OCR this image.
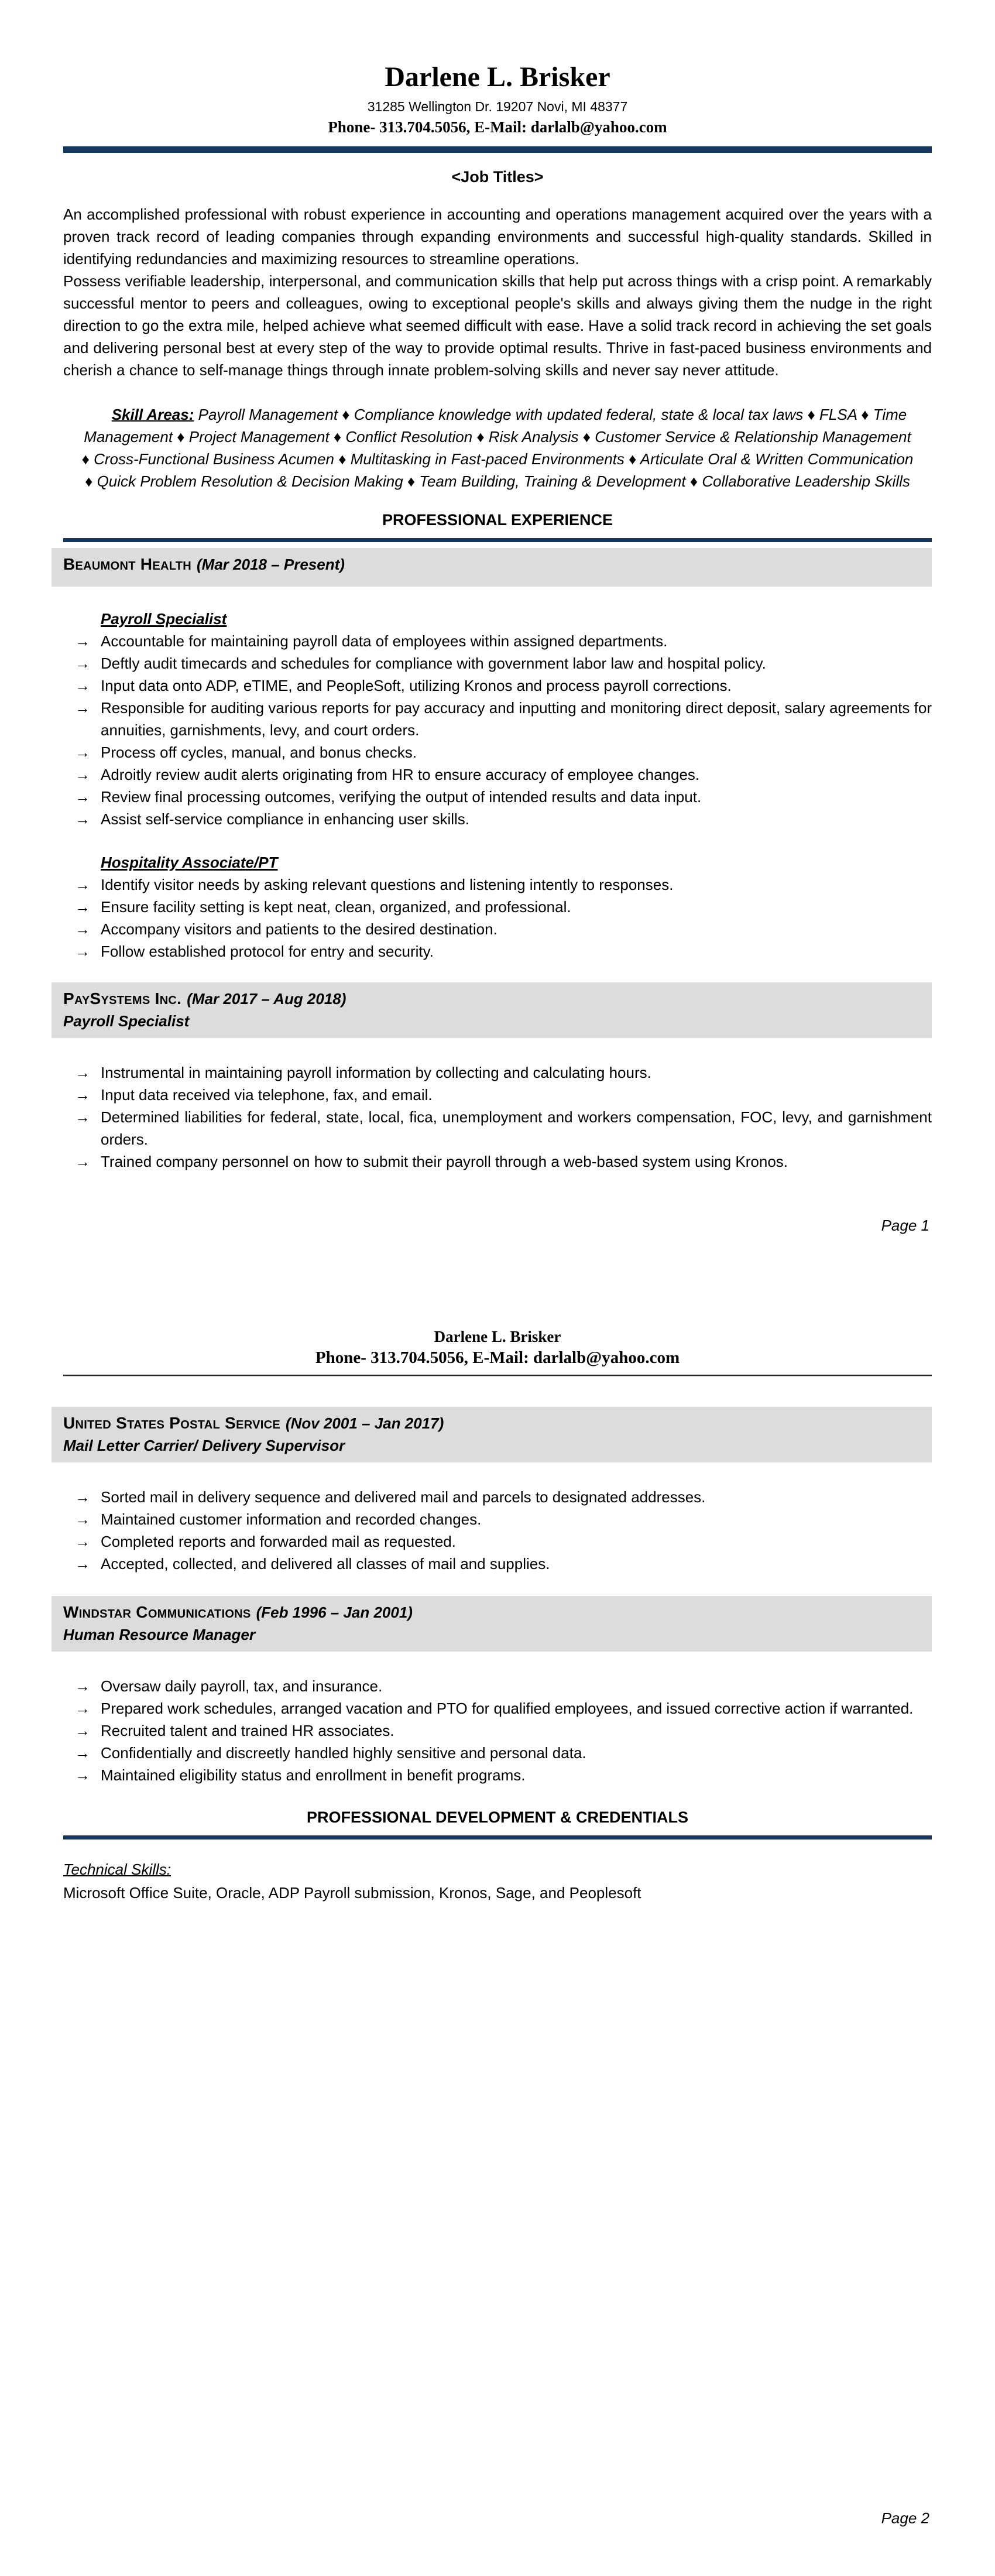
Darlene L. Brisker
31285 Wellington Dr. 19207 Novi, MI 48377
Phone- 313.704.5056, E-Mail: darlalb@yahoo.com
<Job Titles>

An accomplished professional with robust experience in accounting and operations management acquired over the years with a proven track record of leading companies through expanding environments and successful high-quality standards. Skilled in identifying redundancies and maximizing resources to streamline operations.

Possess verifiable leadership, interpersonal, and communication skills that help put across things with a crisp point. A remarkably successful mentor to peers and colleagues, owing to exceptional people's skills and always giving them the nudge in the right direction to go the extra mile, helped achieve what seemed difficult with ease. Have a solid track record in achieving the set goals and delivering personal best at every step of the way to provide optimal results. Thrive in fast-paced business environments and cherish a chance to self-manage things through innate problem-solving skills and never say never attitude.

Skill Areas: Payroll Management ♦ Compliance knowledge with updated federal, state & local tax laws ♦ FLSA ♦ Time Management ♦ Project Management ♦ Conflict Resolution ♦ Risk Analysis ♦ Customer Service & Relationship Management ♦ Cross-Functional Business Acumen ♦ Multitasking in Fast-paced Environments ♦ Articulate Oral & Written Communication ♦ Quick Problem Resolution & Decision Making ♦ Team Building, Training & Development ♦ Collaborative Leadership Skills

PROFESSIONAL EXPERIENCE
Beaumont Health (Mar 2018 – Present)
Payroll Specialist
→ Accountable for maintaining payroll data of employees within assigned departments.
→ Deftly audit timecards and schedules for compliance with government labor law and hospital policy.
→ Input data onto ADP, eTIME, and PeopleSoft, utilizing Kronos and process payroll corrections.
→ Responsible for auditing various reports for pay accuracy and inputting and monitoring direct deposit, salary agreements for annuities, garnishments, levy, and court orders.
→ Process off cycles, manual, and bonus checks.
→ Adroitly review audit alerts originating from HR to ensure accuracy of employee changes.
→ Review final processing outcomes, verifying the output of intended results and data input.
→ Assist self-service compliance in enhancing user skills.
Hospitality Associate/PT
→ Identify visitor needs by asking relevant questions and listening intently to responses.
→ Ensure facility setting is kept neat, clean, organized, and professional.
→ Accompany visitors and patients to the desired destination.
→ Follow established protocol for entry and security.
PaySystems Inc. (Mar 2017 – Aug 2018)
Payroll Specialist
→ Instrumental in maintaining payroll information by collecting and calculating hours.
→ Input data received via telephone, fax, and email.
→ Determined liabilities for federal, state, local, fica, unemployment and workers compensation, FOC, levy, and garnishment orders.
→ Trained company personnel on how to submit their payroll through a web-based system using Kronos.
Page 1
Darlene L. Brisker
Phone- 313.704.5056, E-Mail: darlalb@yahoo.com
United States Postal Service (Nov 2001 – Jan 2017)
Mail Letter Carrier/ Delivery Supervisor
→ Sorted mail in delivery sequence and delivered mail and parcels to designated addresses.
→ Maintained customer information and recorded changes.
→ Completed reports and forwarded mail as requested.
→ Accepted, collected, and delivered all classes of mail and supplies.
Windstar Communications (Feb 1996 – Jan 2001)
Human Resource Manager
→ Oversaw daily payroll, tax, and insurance.
→ Prepared work schedules, arranged vacation and PTO for qualified employees, and issued corrective action if warranted.
→ Recruited talent and trained HR associates.
→ Confidentially and discreetly handled highly sensitive and personal data.
→ Maintained eligibility status and enrollment in benefit programs.
PROFESSIONAL DEVELOPMENT & CREDENTIALS
Technical Skills:
Microsoft Office Suite, Oracle, ADP Payroll submission, Kronos, Sage, and Peoplesoft
Page 2
